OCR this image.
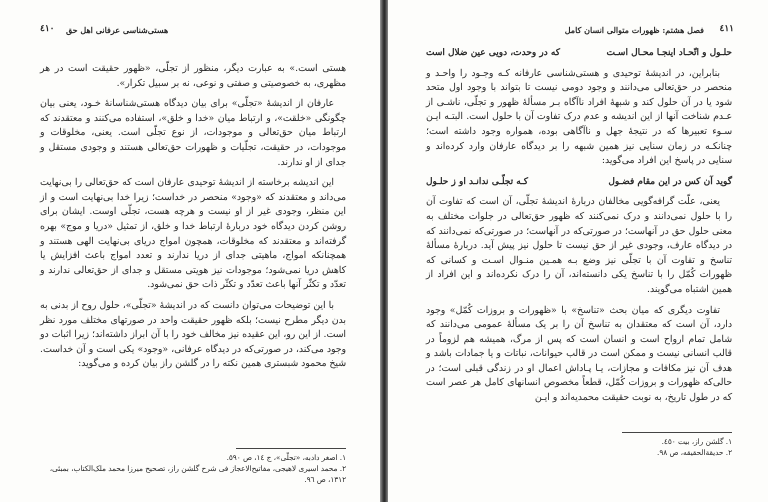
٤١٠ هستی‌شناسی عرفانی اهل حق

هستی است.» به عبارت دیگر، منظور از تجلّی، «ظهور حقیقت است در هر مظهری، به خصوصیتی و صفتی و نوعی، نه بر سبیل تکرار».

عارفان از اندیشهٔ «تجلّی» برای بیان دیدگاه هستی‌شناسانهٔ خـود، یعنی بیان چگونگی «خلقت»، و ارتباط میان «خدا و خلق»، استفاده می‌کنند و معتقدند که ارتباط میان حق‌تعالی و موجودات، از نوع تجلّی است. یعنی، مخلوقات و موجودات، در حقیقت، تجلّیات و ظهورات حق‌تعالی هستند و وجودی مستقل و جدای از او ندارند.

این اندیشه برخاسته از اندیشهٔ توحیدی عارفان است که حق‌تعالی را بی‌نهایت می‌داند و معتقدند که «وجود» منحصر در خداست؛ زیرا خدا بی‌نهایت است و از این منظر، وجودی غیر از او نیست و هرچه هست، تجلّی اوست. ایشان برای روشن کردن دیدگاه خود دربارهٔ ارتباط خدا و خلق، از تمثیل «دریا و موج» بهره گرفته‌اند و معتقدند که مخلوقات، همچون امواج دریای بی‌نهایت الهی هستند و همچنانکه امواج، ماهیتی جدای از دریا ندارند و تعدد امواج باعث افزایش یا کاهش دریا نمی‌شود؛ موجودات نیز هویتی مستقل و جدای از حق‌تعالی ندارند و تعدّد و تکثّر آنها باعث تعدّد و تکثّر ذات حق نمی‌شود.

با این توضیحات می‌توان دانست که در اندیشهٔ «تجلّی»، حلول روح از بدنی به بدن دیگر مطرح نیست؛ بلکه ظهور حقیقت واحد در صورتهای مختلف مورد نظر است. از این رو، این عقیده نیز مخالف خود را با آن ابراز داشته‌اند؛ زیرا اثبات دو وجود می‌کند، در صورتی‌که در دیدگاه عرفانی، «وجود» یکی است و آن خداست. شیخ محمود شبستری همین نکته را در گلشن راز بیان کرده و می‌گوید:

۱. اصغر دادبه، «تجلّی»، ج ۱٤، ص ٥٩٠.
۲. محمد اسیری لاهیجی، مفاتیح‌الاعجاز فی شرح گلشن راز، تصحیح میرزا محمد ملک‌الکتاب، بمبئی، ۱۳۱۲، ص ۹٦.
٤١١
فصل هشتم: ظهورات متوالی انسان کامل
حلـول و اتّحـاد اینجـا محـال اسـت
که در وحدت، دویی عین ضلال است

بنابراین، در اندیشهٔ توحیدی و هستی‌شناسی عارفانه کـه وجـود را واحـد و منحصر در حق‌تعالی می‌دانند و وجود دومی نیست تا بتواند با وجود اول متحد شود یا در آن حلول کند و شبههٔ افراد ناآگاه بـر مسألهٔ ظهور و تجلّی، ناشـی از عـدم شناخت آنها از این اندیشه و عدم درک تفاوت آن با حلول است. البتـه ایـن سـوء تعبیرها که در نتیجهٔ جهل و ناآگاهی بوده، همواره وجود داشته است؛ چنانکـه در زمان سنایی نیز همین شبهه را بر دیدگاه عارفان وارد کرده‌اند و سنایی در پاسخ این افراد می‌گوید:

گوید آن کس در این مقام فضـول
کـه تجلّـی ندانـد او ز حلـول

یعنی، علّت گرافه‌گویی مخالفان دربارهٔ اندیشهٔ تجلّی، آن است که تفاوت آن را با حلول نمی‌دانند و درک نمی‌کنند که ظهور حق‌تعالی در جلوات مختلف به معنی حلول حق در آنهاست؛ در صورتی‌که در آنهاست؛ در صورتی‌که نمی‌دانند که در دیدگاه عارف، وجودی غیر از حق نیست تا حلول نیز پیش آید. دربارهٔ مسألهٔ تناسخ و تفاوت آن با تجلّی نیز وضع بـه همـین منـوال اسـت و کسانی که ظهورات کُمّل را با تناسخ یکی دانسته‌اند، آن را درک نکرده‌اند و این افراد از همین اشتباه می‌گویند.

تفاوت دیگری که میان بحث «تناسخ» با «ظهورات و بروزات کُمّل» وجود دارد، آن است که معتقدان به تناسخ آن را بر یک مسألهٔ عمومی می‌دانند که شامل تمام ارواح است و انسان است که پس از مرگ، همیشه هم لزوماً در قالب انسانی نیست و ممکن است در قالب حیوانات، نباتات و یا جمادات باشد و هدف آن نیز مکافات و مجازات، یـا پـاداش اعمال او در زندگی قبلی است؛ در حالی‌که ظهورات و بروزات کُمّل، قطعاً مخصوص انسانهای کامل هر عصر است که در طول تاریخ، به نوبت حقیقت محمدیه‌اند و ایـن

۱. گلشن راز، بیت ٤٥٠.
۲. حدیقةالحقیقه، ص ۹٨.
